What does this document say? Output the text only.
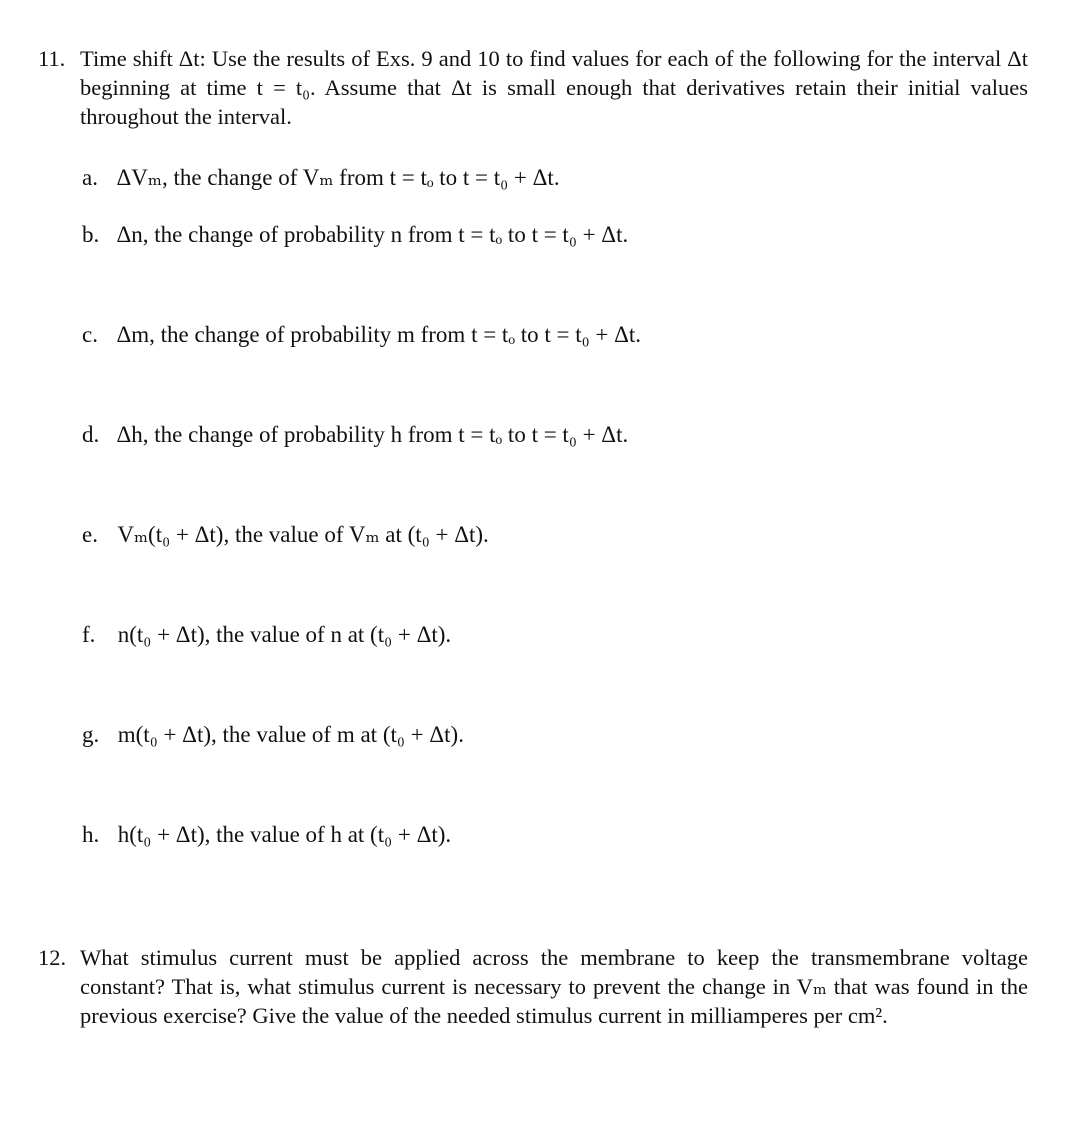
11. Time shift Δt: Use the results of Exs. 9 and 10 to find values for each of the following for the interval Δt beginning at time t = t₀. Assume that Δt is small enough that derivatives retain their initial values throughout the interval.
a. ΔVₘ, the change of Vₘ from t = tₒ to t = t₀ + Δt.
b. Δn, the change of probability n from t = tₒ to t = t₀ + Δt.
c. Δm, the change of probability m from t = tₒ to t = t₀ + Δt.
d. Δh, the change of probability h from t = tₒ to t = t₀ + Δt.
e. Vₘ(t₀ + Δt), the value of Vₘ at (t₀ + Δt).
f. n(t₀ + Δt), the value of n at (t₀ + Δt).
g. m(t₀ + Δt), the value of m at (t₀ + Δt).
h. h(t₀ + Δt), the value of h at (t₀ + Δt).
12. What stimulus current must be applied across the membrane to keep the transmembrane voltage constant? That is, what stimulus current is necessary to prevent the change in Vₘ that was found in the previous exercise? Give the value of the needed stimulus current in milliamperes per cm².
